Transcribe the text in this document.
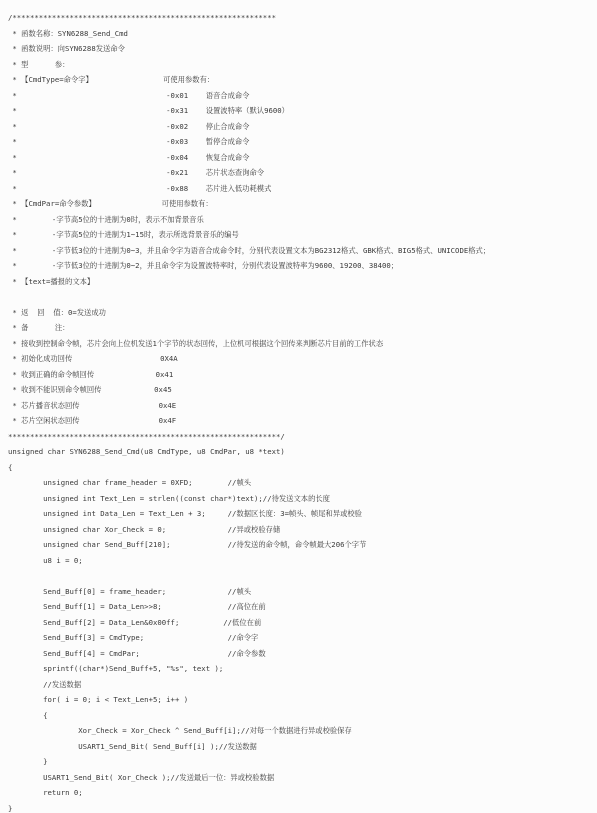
/************************************************************
* 函数名称：SYN6288_Send_Cmd
* 函数说明：向SYN6288发送命令
* 型      参：
* 【CmdType=命令字】                可使用参数有：
*                                  -0x01    语音合成命令
*                                  -0x31    设置波特率（默认9600）
*                                  -0x02    停止合成命令
*                                  -0x03    暂停合成命令
*                                  -0x04    恢复合成命令
*                                  -0x21    芯片状态查询命令
*                                  -0x88    芯片进入低功耗模式
* 【CmdPar=命令参数】               可使用参数有：
*        -字节高5位的十进制为0时，表示不加背景音乐
*        -字节高5位的十进制为1~15时，表示所选背景音乐的编号
*        -字节低3位的十进制为0~3，并且命令字为语音合成命令时，分别代表设置文本为BG2312格式、GBK格式、BIG5格式、UNICODE格式；
*        -字节低3位的十进制为0~2，并且命令字为设置波特率时，分别代表设置波特率为9600、19200、38400；
* 【text=播报的文本】
* 返  回  值：0=发送成功
* 备      注：
* 接收到控制命令帧，芯片会向上位机发送1个字节的状态回传，上位机可根据这个回传来判断芯片目前的工作状态
* 初始化成功回传                    0X4A
* 收到正确的命令帧回传              0x41
* 收到不能识别命令帧回传            0x45
* 芯片播音状态回传                  0x4E
* 芯片空闲状态回传                  0x4F
**************************************************************/
unsigned char SYN6288_Send_Cmd(u8 CmdType, u8 CmdPar, u8 *text)
{
unsigned char frame_header = 0XFD;        //帧头
unsigned int Text_Len = strlen((const char*)text);//待发送文本的长度
unsigned int Data_Len = Text_Len + 3;     //数据区长度：3=帧头、帧尾和异或校验
unsigned char Xor_Check = 0;              //异或校验存储
unsigned char Send_Buff[210];             //待发送的命令帧，命令帧最大206个字节
u8 i = 0;
Send_Buff[0] = frame_header;              //帧头
Send_Buff[1] = Data_Len>>8;               //高位在前
Send_Buff[2] = Data_Len&0x00ff;          //低位在前
Send_Buff[3] = CmdType;                   //命令字
Send_Buff[4] = CmdPar;                    //命令参数
sprintf((char*)Send_Buff+5, "%s", text );
//发送数据
for( i = 0; i < Text_Len+5; i++ )
{
Xor_Check = Xor_Check ^ Send_Buff[i];//对每一个数据进行异或校验保存
USART1_Send_Bit( Send_Buff[i] );//发送数据
}
USART1_Send_Bit( Xor_Check );//发送最后一位：异或校验数据
return 0;
}
